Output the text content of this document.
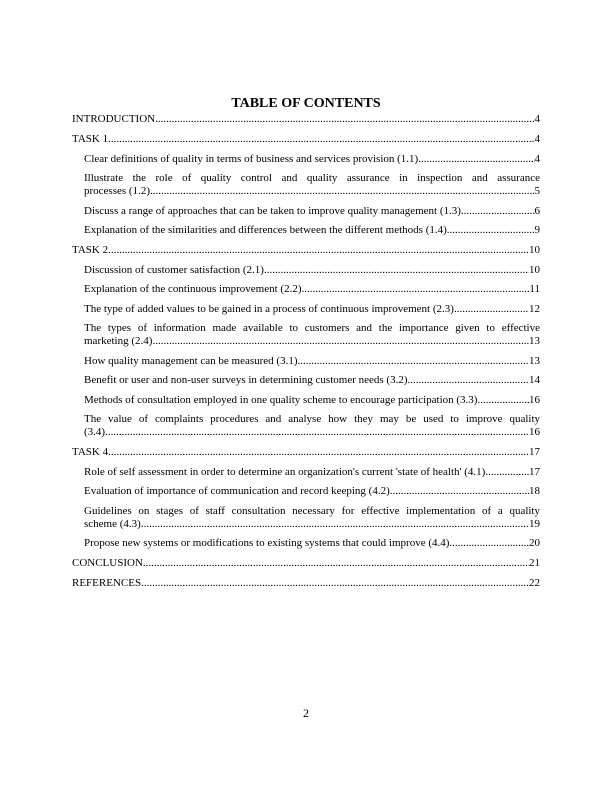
TABLE OF CONTENTS
INTRODUCTION .....	4
TASK 1 .....	4
Clear definitions of quality in terms of business and services provision (1.1) .....	4
Illustrate the role of quality control and quality assurance in inspection and assurance
processes (1.2) .....	5
Discuss a range of approaches that can be taken to improve quality management (1.3) .....	6
Explanation of the similarities and differences between the different methods (1.4) .....	9
TASK 2 .....	10
Discussion of customer satisfaction (2.1) .....	10
Explanation of the continuous improvement (2.2) .....	11
The type of added values to be gained in a process of continuous improvement (2.3) .....	12
The types of information made available to customers and the importance given to effective
marketing (2.4) .....	13
How quality management can be measured (3.1) .....	13
Benefit or user and non-user surveys in determining customer needs (3.2) .....	14
Methods of consultation employed in one quality scheme to encourage participation (3.3) .....	16
The value of complaints procedures and analyse how they may be used to improve quality
(3.4) .....	16
TASK 4 .....	17
Role of self assessment in order to determine an organization's current 'state of health' (4.1) .....	17
Evaluation of importance of communication and record keeping (4.2) .....	18
Guidelines on stages of staff consultation necessary for effective implementation of a quality
scheme (4.3) .....	19
Propose new systems or modifications to existing systems that could improve (4.4) .....	20
CONCLUSION .....	21
REFERENCES .....	22
2
